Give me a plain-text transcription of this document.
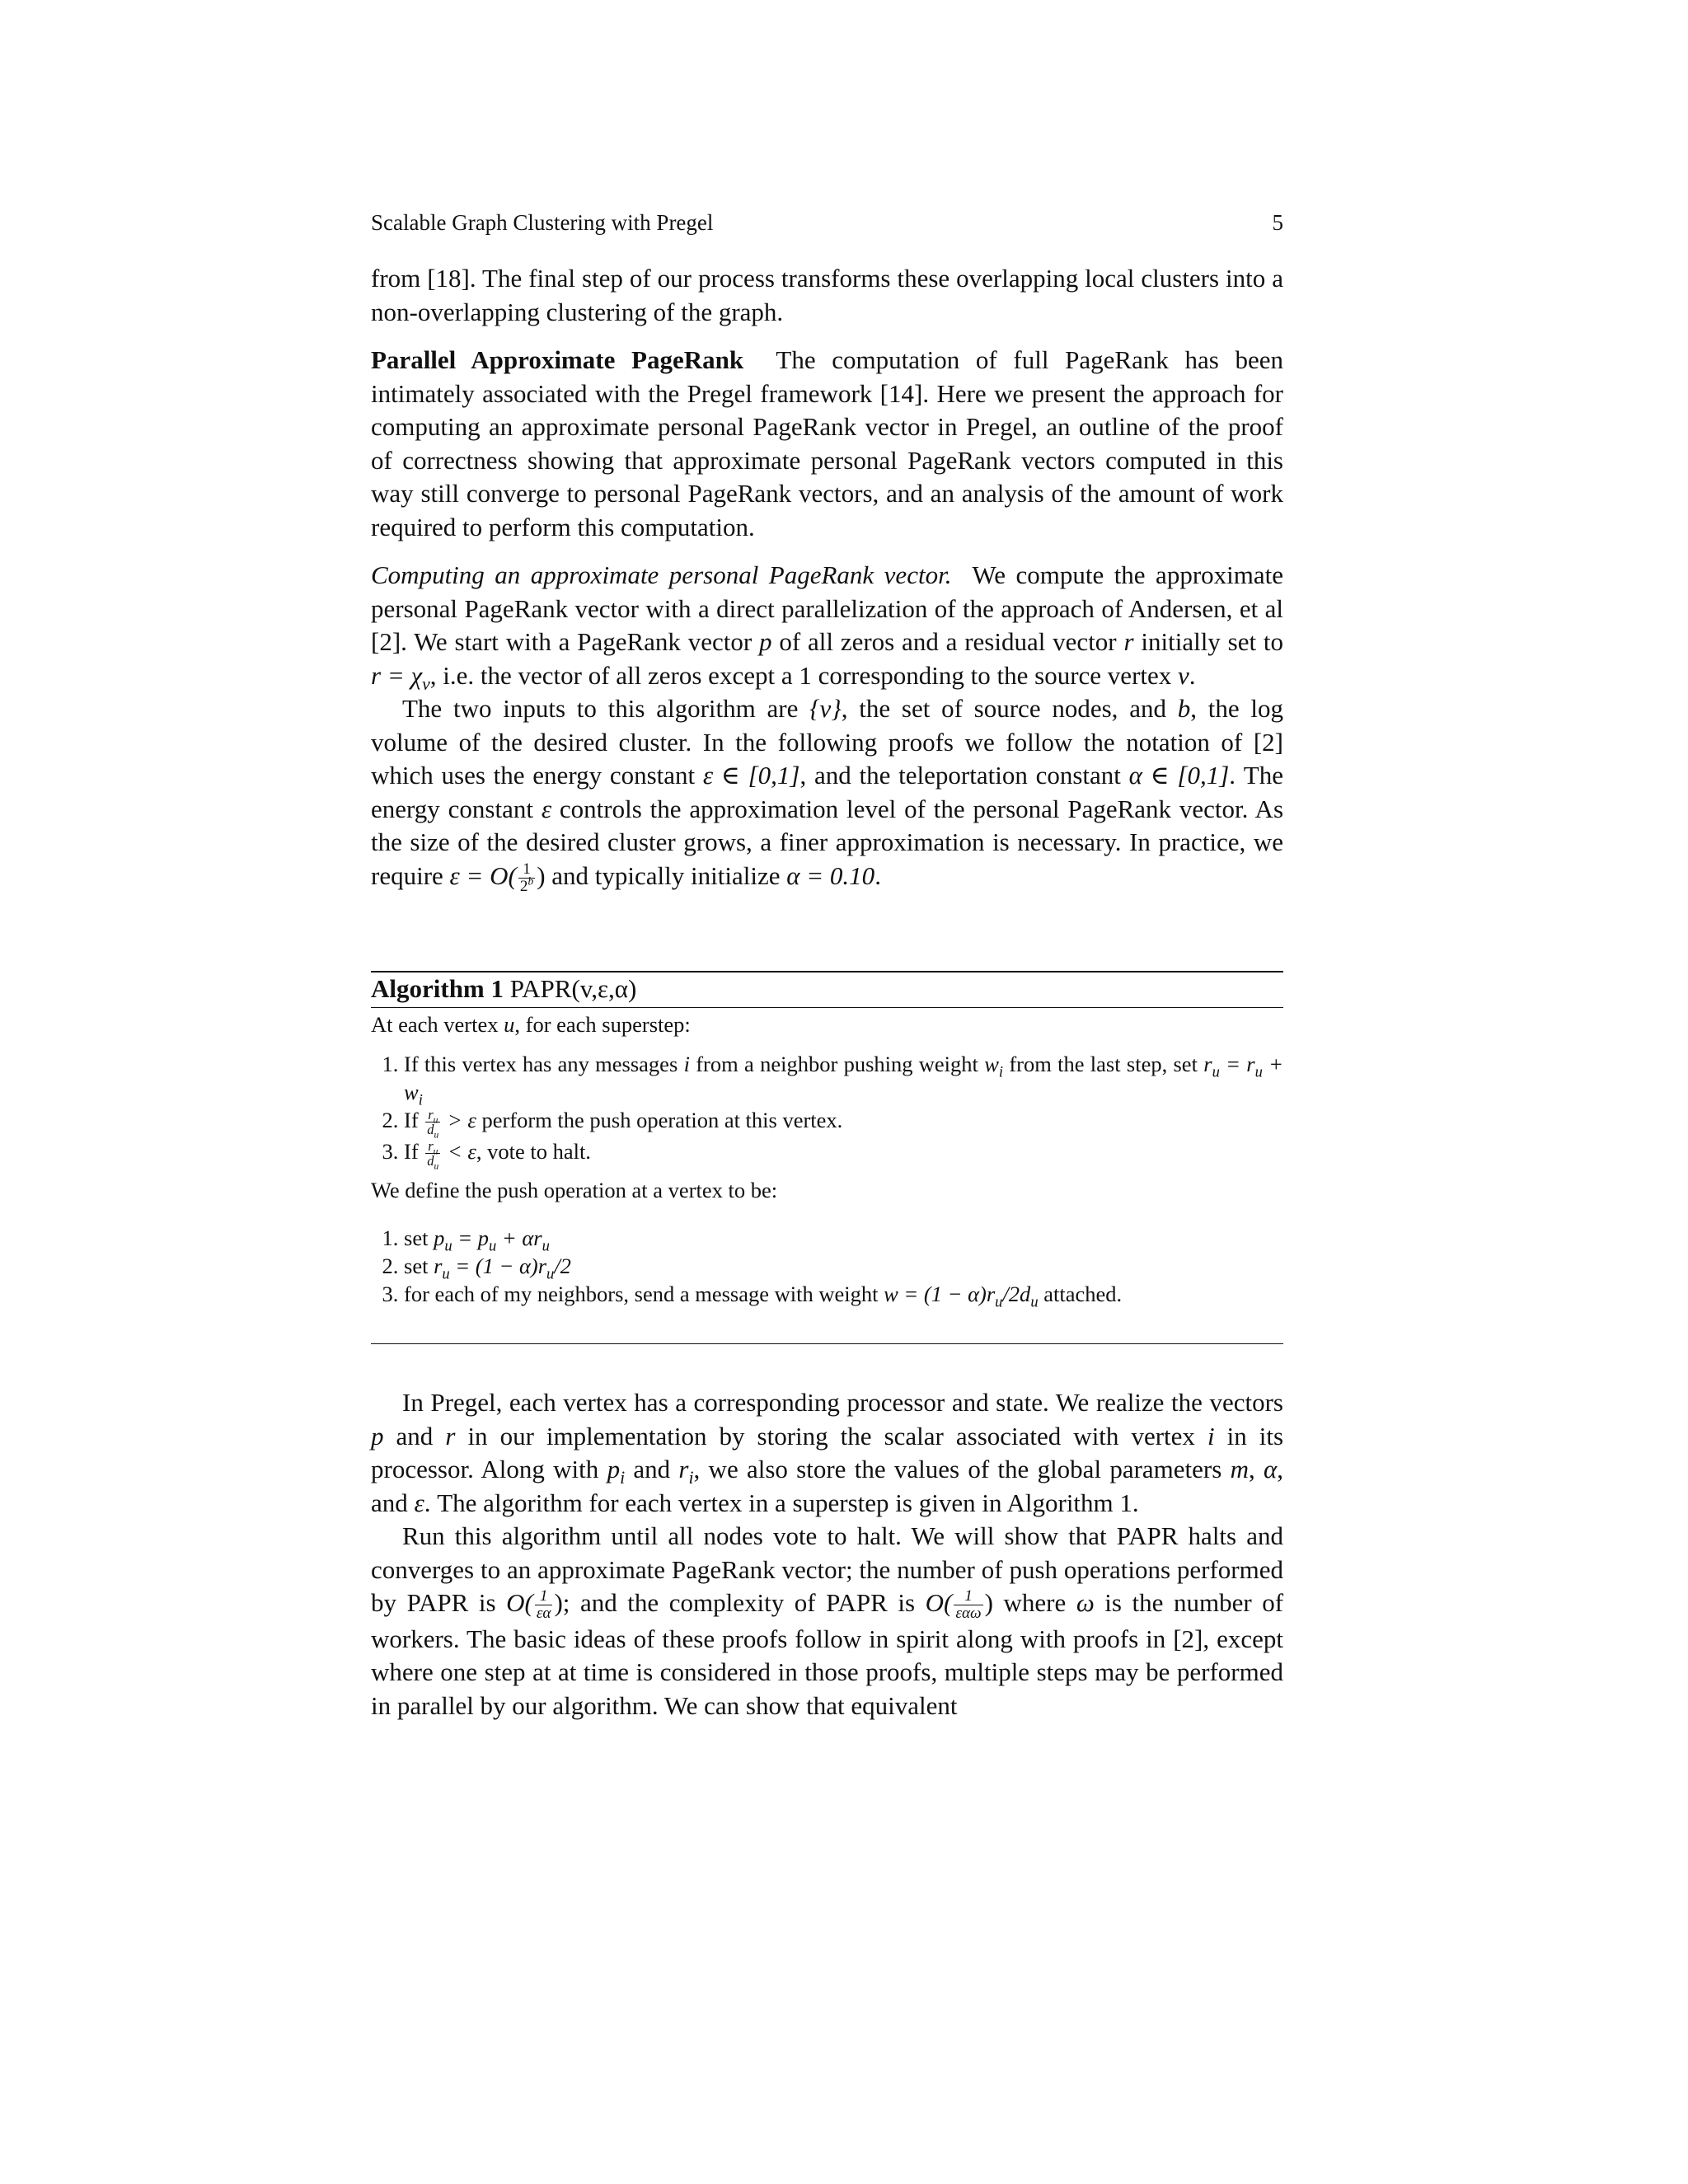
Scalable Graph Clustering with Pregel	5

from [18]. The final step of our process transforms these overlapping local clusters into a non-overlapping clustering of the graph.

Parallel Approximate PageRank The computation of full PageRank has been intimately associated with the Pregel framework [14]. Here we present the approach for computing an approximate personal PageRank vector in Pregel, an outline of the proof of correctness showing that approximate personal PageRank vectors computed in this way still converge to personal PageRank vectors, and an analysis of the amount of work required to perform this computation.

Computing an approximate personal PageRank vector. We compute the approximate personal PageRank vector with a direct parallelization of the approach of Andersen, et al [2]. We start with a PageRank vector p of all zeros and a residual vector r initially set to $r = \chi_v$, i.e. the vector of all zeros except a 1 corresponding to the source vertex v.

The two inputs to this algorithm are {v}, the set of source nodes, and b, the log volume of the desired cluster. In the following proofs we follow the notation of [2] which uses the energy constant ε ∈ [0,1], and the teleportation constant α ∈ [0,1]. The energy constant ε controls the approximation level of the personal PageRank vector. As the size of the desired cluster grows, a finer approximation is necessary. In practice, we require $\varepsilon = O( \frac{1}{2^b}$ ) and typically initialize α = 0.10.

Algorithm 1 PAPR(v,ε,α)

At each vertex u, for each superstep:

1. If this vertex has any messages i from a neighbor pushing weight $w_i$ from the last step, set $r_u = r_u + w_i$
2. If $\frac{r_u}{d_u} > \varepsilon$ perform the push operation at this vertex.
3. If $\frac{r_u}{d_u} < \varepsilon$, vote to halt.

We define the push operation at a vertex to be:

1. set $p_u = p_u + \alpha r_u$
2. set $r_u = (1 - \alpha)r_u/2$
3. for each of my neighbors, send a message with weight $w = (1 - \alpha)r_u/2d_u$ attached.

In Pregel, each vertex has a corresponding processor and state. We realize the vectors p and r in our implementation by storing the scalar associated with vertex i in its processor. Along with $p_i$ and $r_i$, we also store the values of the global parameters m, α, and ε. The algorithm for each vertex in a superstep is given in Algorithm 1.

Run this algorithm until all nodes vote to halt. We will show that PAPR halts and converges to an approximate PageRank vector; the number of push operations performed by PAPR is $O( \frac{1}{\varepsilon\alpha}$ ); and the complexity of PAPR is $O( \frac{1}{\text{εαω}}$ ) where ω is the number of workers. The basic ideas of these proofs follow in spirit along with proofs in [2], except where one step at at time is considered in those proofs, multiple steps may be performed in parallel by our algorithm. We can show that equivalent
